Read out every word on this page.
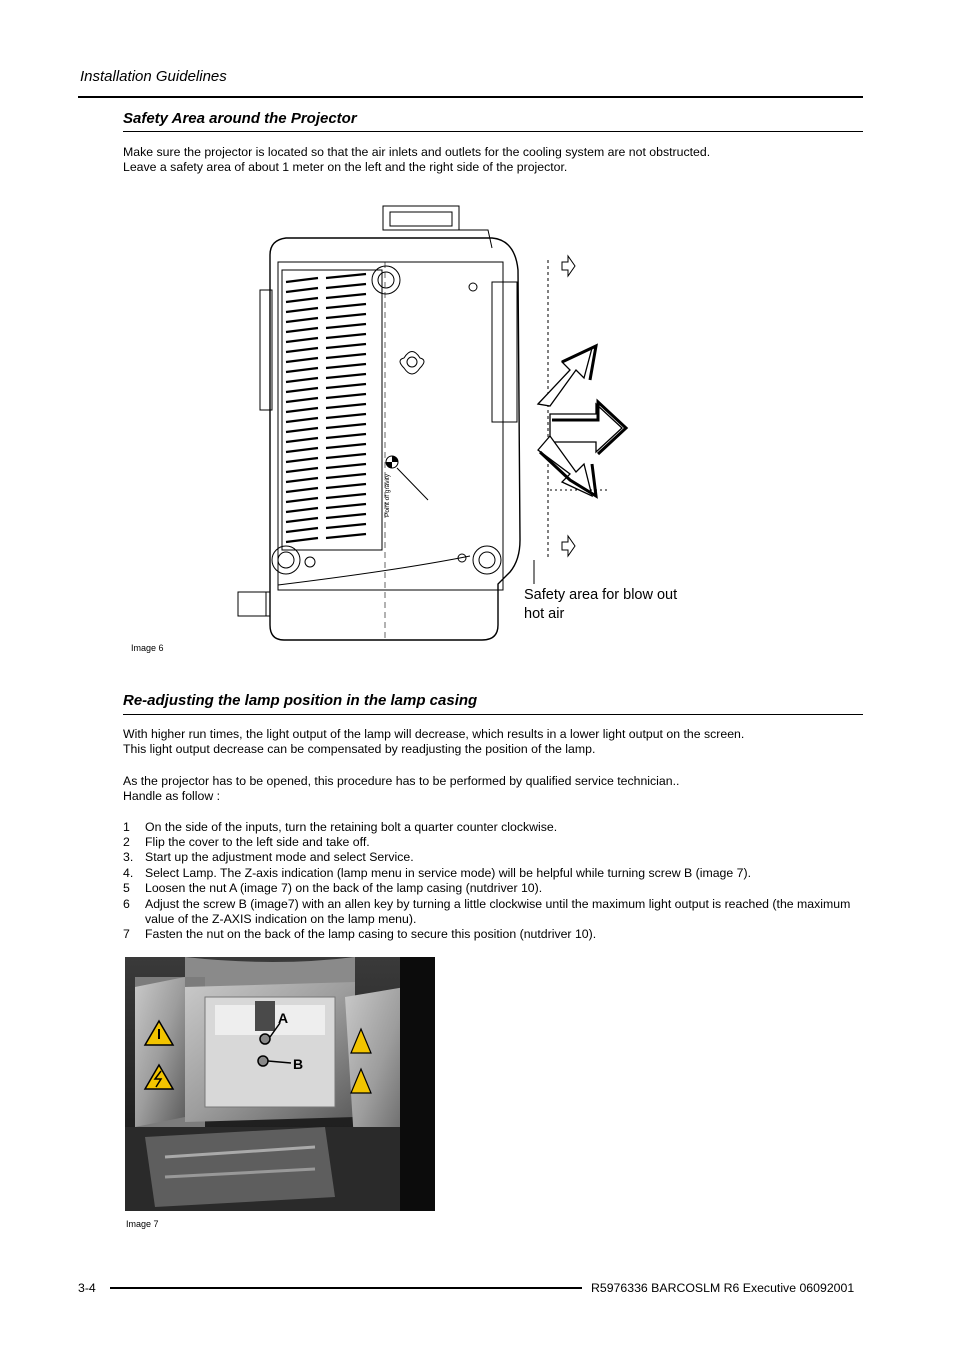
Installation Guidelines
Safety Area around the Projector
Make sure the projector is located so that the air inlets and outlets for the cooling system are not obstructed.
Leave a safety area of about 1 meter on the left and the right side of the projector.
Point of gravity
Safety area for blow out
hot air
Image 6
Re-adjusting the lamp position in the lamp casing
With higher run times, the light output of the lamp will decrease, which results in a lower light output on the screen.
This light output decrease can be compensated by readjusting the position of the lamp.
As the projector has to be opened, this procedure has to be performed by qualified service technician..
Handle as follow :
1	On the side of the inputs, turn the retaining bolt a quarter counter clockwise.
2	Flip the cover to the left side and take off.
3. Start up the adjustment mode and select Service.
4. Select Lamp. The Z-axis indication (lamp menu in service mode) will be helpful while turning screw B (image 7).
5	Loosen the nut A (image 7) on the back of the lamp casing (nutdriver 10).
6	Adjust the screw B (image7) with an allen key by turning a little clockwise until the maximum light output is reached (the maximum value of the Z-AXIS indication on the lamp menu).
7	Fasten the nut on the back of the lamp casing to secure this position (nutdriver 10).
A
B
Image 7
3-4	R5976336 BARCOSLM R6 Executive 06092001
